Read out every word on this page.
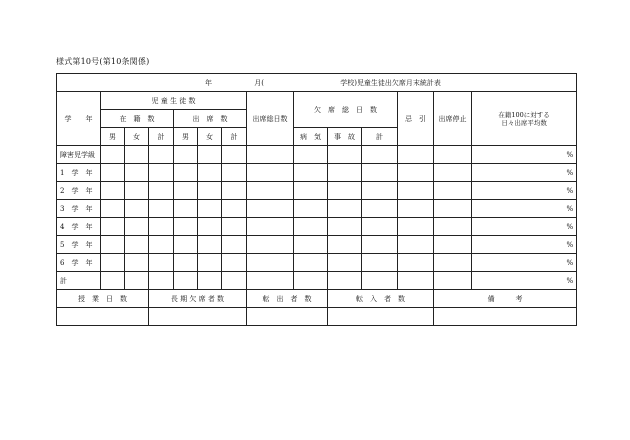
様式第10号(第10条関係)
年 月( 学校)児童生徒出欠席月末統計表													
学　　年	児 童 生 徒 数						出席総日数	欠　席　総　日　数			忌　引	出席停止	在籍100に対する日々出席平均数

	在　籍　数			出　席　数									
	男	女	計	男	女	計		病　気	事　故	計			
障害児学級													%
1　学　年													%
2　学　年													%
3　学　年													%
4　学　年													%
5　学　年													%
6　学　年													%
計													%
授　業　日　数			長 期 欠 席 者 数				転　出　者　数		転　入　者　数			備　　　考	
